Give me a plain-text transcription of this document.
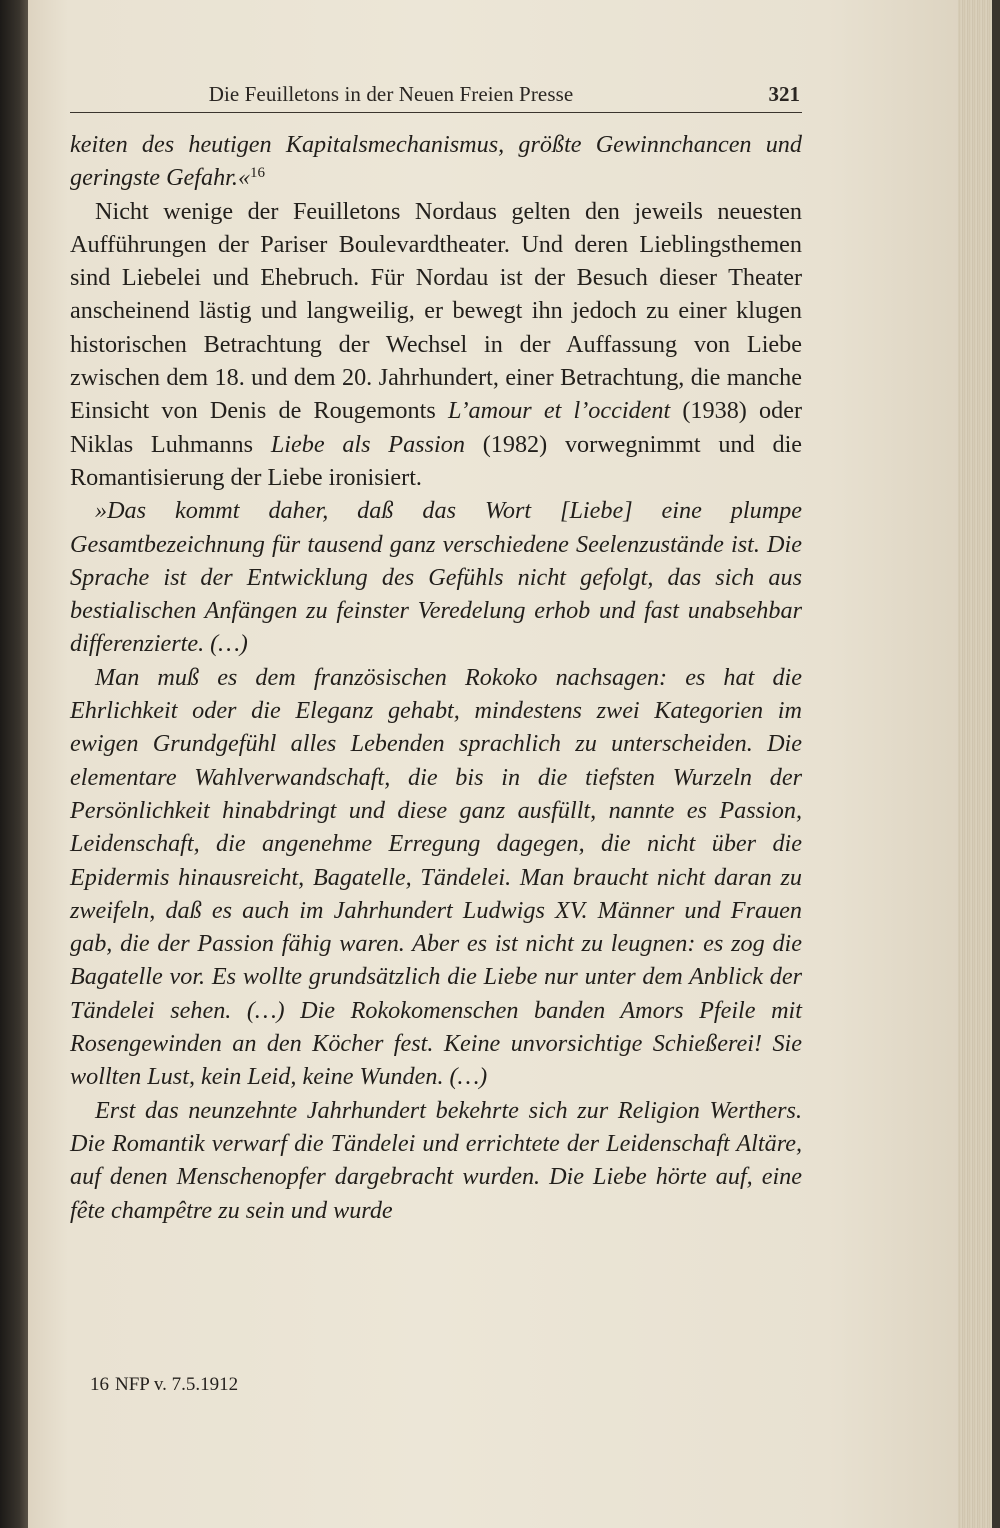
Die Feuilletons in der Neuen Freien Presse	321

keiten des heutigen Kapitalsmechanismus, größte Gewinnchancen und geringste Gefahr.«$^{16}$

Nicht wenige der Feuilletons Nordaus gelten den jeweils neuesten Aufführungen der Pariser Boulevardtheater. Und deren Lieblingsthemen sind Liebelei und Ehebruch. Für Nordau ist der Besuch dieser Theater anscheinend lästig und langweilig, er bewegt ihn jedoch zu einer klugen historischen Betrachtung der Wechsel in der Auffassung von Liebe zwischen dem 18. und dem 20. Jahrhundert, einer Betrachtung, die manche Einsicht von Denis de Rougemonts L’amour et l’occident (1938) oder Niklas Luhmanns Liebe als Passion (1982) vorwegnimmt und die Romantisierung der Liebe ironisiert.

»Das kommt daher, daß das Wort [Liebe] eine plumpe Gesamtbezeichnung für tausend ganz verschiedene Seelenzustände ist. Die Sprache ist der Entwicklung des Gefühls nicht gefolgt, das sich aus bestialischen Anfängen zu feinster Veredelung erhob und fast unabsehbar differenzierte. (…)

Man muß es dem französischen Rokoko nachsagen: es hat die Ehrlichkeit oder die Eleganz gehabt, mindestens zwei Kategorien im ewigen Grundgefühl alles Lebenden sprachlich zu unterscheiden. Die elementare Wahlverwandschaft, die bis in die tiefsten Wurzeln der Persönlichkeit hinabdringt und diese ganz ausfüllt, nannte es Passion, Leidenschaft, die angenehme Erregung dagegen, die nicht über die Epidermis hinausreicht, Bagatelle, Tändelei. Man braucht nicht daran zu zweifeln, daß es auch im Jahrhundert Ludwigs XV. Männer und Frauen gab, die der Passion fähig waren. Aber es ist nicht zu leugnen: es zog die Bagatelle vor. Es wollte grundsätzlich die Liebe nur unter dem Anblick der Tändelei sehen. (…) Die Rokokomenschen banden Amors Pfeile mit Rosengewinden an den Köcher fest. Keine unvorsichtige Schießerei! Sie wollten Lust, kein Leid, keine Wunden. (…)

Erst das neunzehnte Jahrhundert bekehrte sich zur Religion Werthers. Die Romantik verwarf die Tändelei und errichtete der Leidenschaft Altäre, auf denen Menschenopfer dargebracht wurden. Die Liebe hörte auf, eine fête champêtre zu sein und wurde

16 NFP v. 7.5.1912
